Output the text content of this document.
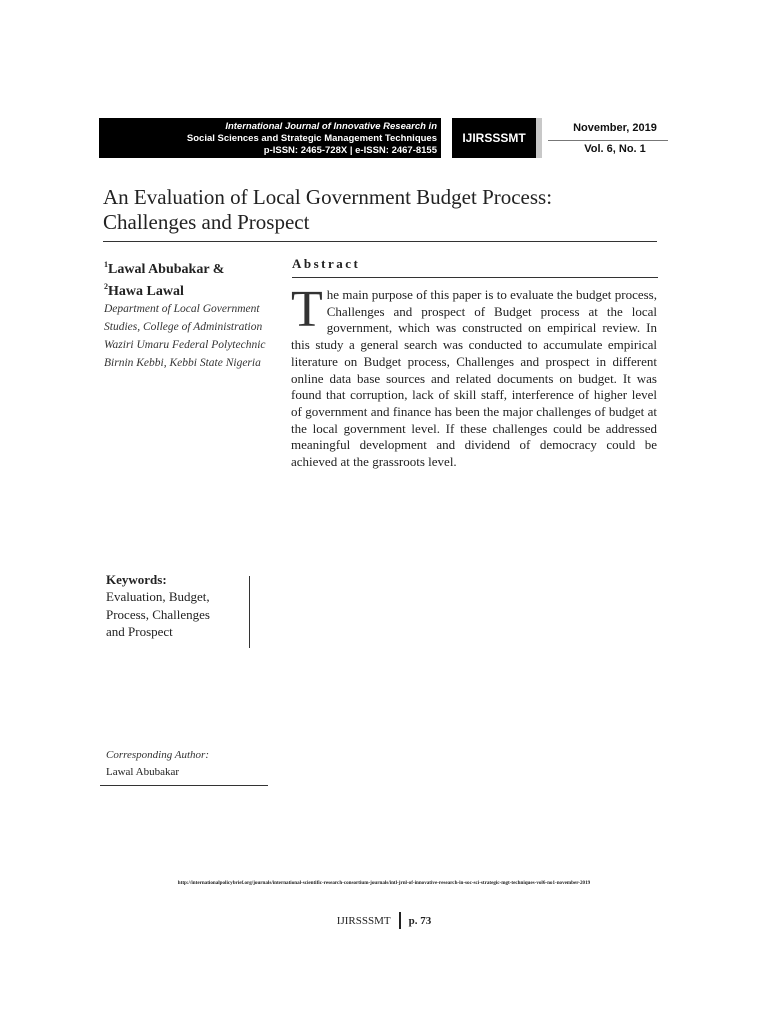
International Journal of Innovative Research in
Social Sciences and Strategic Management Techniques
p-ISSN: 2465-728X | e-ISSN: 2467-8155
IJIRSSSMT
November, 2019
Vol. 6, No. 1
An Evaluation of Local Government Budget Process:
Challenges and Prospect
$^1$Lawal Abubakar &
$^2$Hawa Lawal
Department of Local Government
Studies, College of Administration
Waziri Umaru Federal Polytechnic
Birnin Kebbi, Kebbi State Nigeria
Abstract
The main purpose of this paper is to evaluate the budget process, Challenges and prospect of Budget process at the local government, which was constructed on empirical review. In this study a general search was conducted to accumulate empirical literature on Budget process, Challenges and prospect in different online data base sources and related documents on budget. It was found that corruption, lack of skill staff, interference of higher level of government and finance has been the major challenges of budget at the local government level. If these challenges could be addressed meaningful development and dividend of democracy could be achieved at the grassroots level.
Keywords:
Evaluation, Budget,
Process, Challenges
and Prospect
Corresponding Author:
Lawal Abubakar
http://internationalpolicybrief.org/journals/international-scientific-research-consortium-journals/intl-jrnl-of-innovative-research-in-soc-sci-strategic-mgt-techniques-vol6-no1-november-2019
IJIRSSSMT p. 73
